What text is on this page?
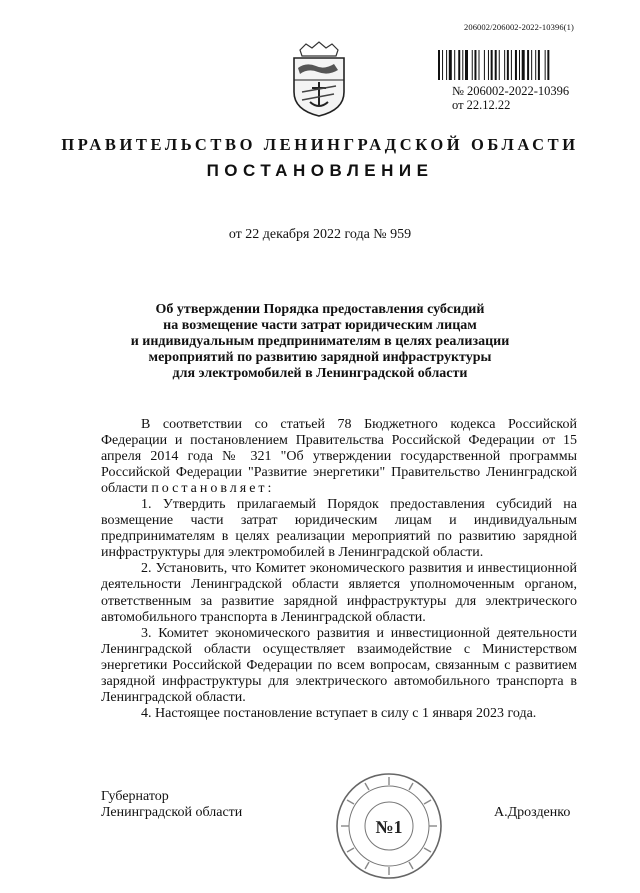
206002/206002-2022-10396(1)
№ 206002-2022-10396
от 22.12.22
ПРАВИТЕЛЬСТВО ЛЕНИНГРАДСКОЙ ОБЛАСТИ
ПОСТАНОВЛЕНИЕ
от 22 декабря 2022 года № 959
Об утверждении Порядка предоставления субсидий
на возмещение части затрат юридическим лицам
и индивидуальным предпринимателям в целях реализации
мероприятий по развитию зарядной инфраструктуры
для электромобилей в Ленинградской области

В соответствии со статьей 78 Бюджетного кодекса Российской Федерации и постановлением Правительства Российской Федерации от 15 апреля 2014 года № 321 "Об утверждении государственной программы Российской Федерации "Развитие энергетики" Правительство Ленинградской области постановляет:

1. Утвердить прилагаемый Порядок предоставления субсидий на возмещение части затрат юридическим лицам и индивидуальным предпринимателям в целях реализации мероприятий по развитию зарядной инфраструктуры для электромобилей в Ленинградской области.

2. Установить, что Комитет экономического развития и инвестиционной деятельности Ленинградской области является уполномоченным органом, ответственным за развитие зарядной инфраструктуры для электрического автомобильного транспорта в Ленинградской области.

3. Комитет экономического развития и инвестиционной деятельности Ленинградской области осуществляет взаимодействие с Министерством энергетики Российской Федерации по всем вопросам, связанным с развитием зарядной инфраструктуры для электрического автомобильного транспорта в Ленинградской области.

4. Настоящее постановление вступает в силу с 1 января 2023 года.

Губернатор
Ленинградской области
№1
А.Дрозденко
